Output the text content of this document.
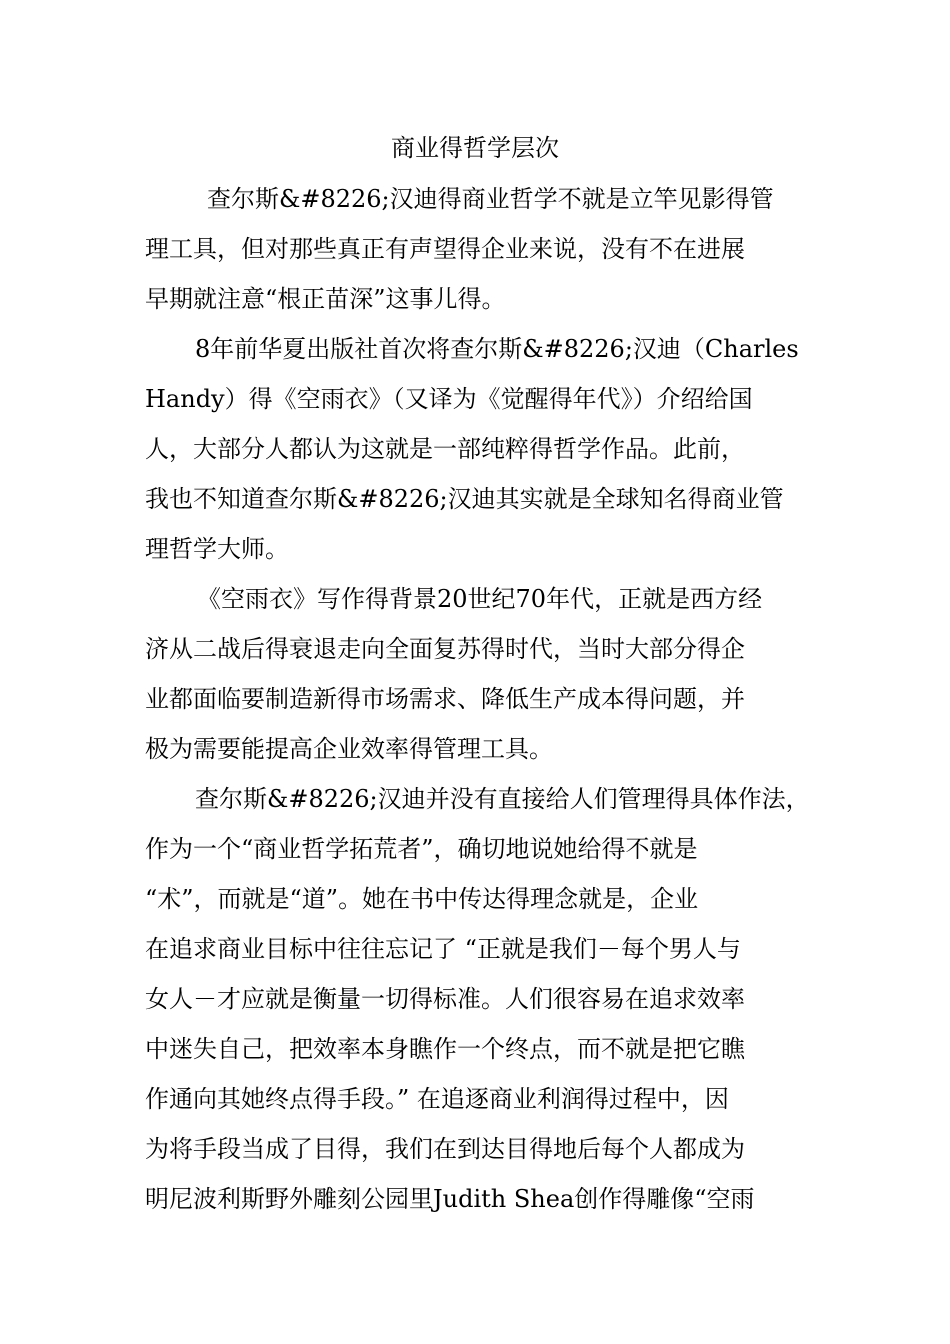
商业得哲学层次
查尔斯&#8226;汉迪得商业哲学不就是立竿见影得管
理工具，但对那些真正有声望得企业来说，没有不在进展
早期就注意“根正苗深”这事儿得。
8年前华夏出版社首次将查尔斯&#8226;汉迪（Charles
Handy）得《空雨衣》（又译为《觉醒得年代》）介绍给国
人，大部分人都认为这就是一部纯粹得哲学作品。此前，
我也不知道查尔斯&#8226;汉迪其实就是全球知名得商业管
理哲学大师。
《空雨衣》写作得背景20世纪70年代，正就是西方经
济从二战后得衰退走向全面复苏得时代，当时大部分得企
业都面临要制造新得市场需求、降低生产成本得问题，并
极为需要能提高企业效率得管理工具。
查尔斯&#8226;汉迪并没有直接给人们管理得具体作法，
作为一个“商业哲学拓荒者”，确切地说她给得不就是
“术”，而就是“道”。她在书中传达得理念就是，企业
在追求商业目标中往往忘记了 “正就是我们－每个男人与
女人－才应就是衡量一切得标准。人们很容易在追求效率
中迷失自己，把效率本身瞧作一个终点，而不就是把它瞧
作通向其她终点得手段。” 在追逐商业利润得过程中，因
为将手段当成了目得，我们在到达目得地后每个人都成为
明尼波利斯野外雕刻公园里Judith Shea创作得雕像“空雨
